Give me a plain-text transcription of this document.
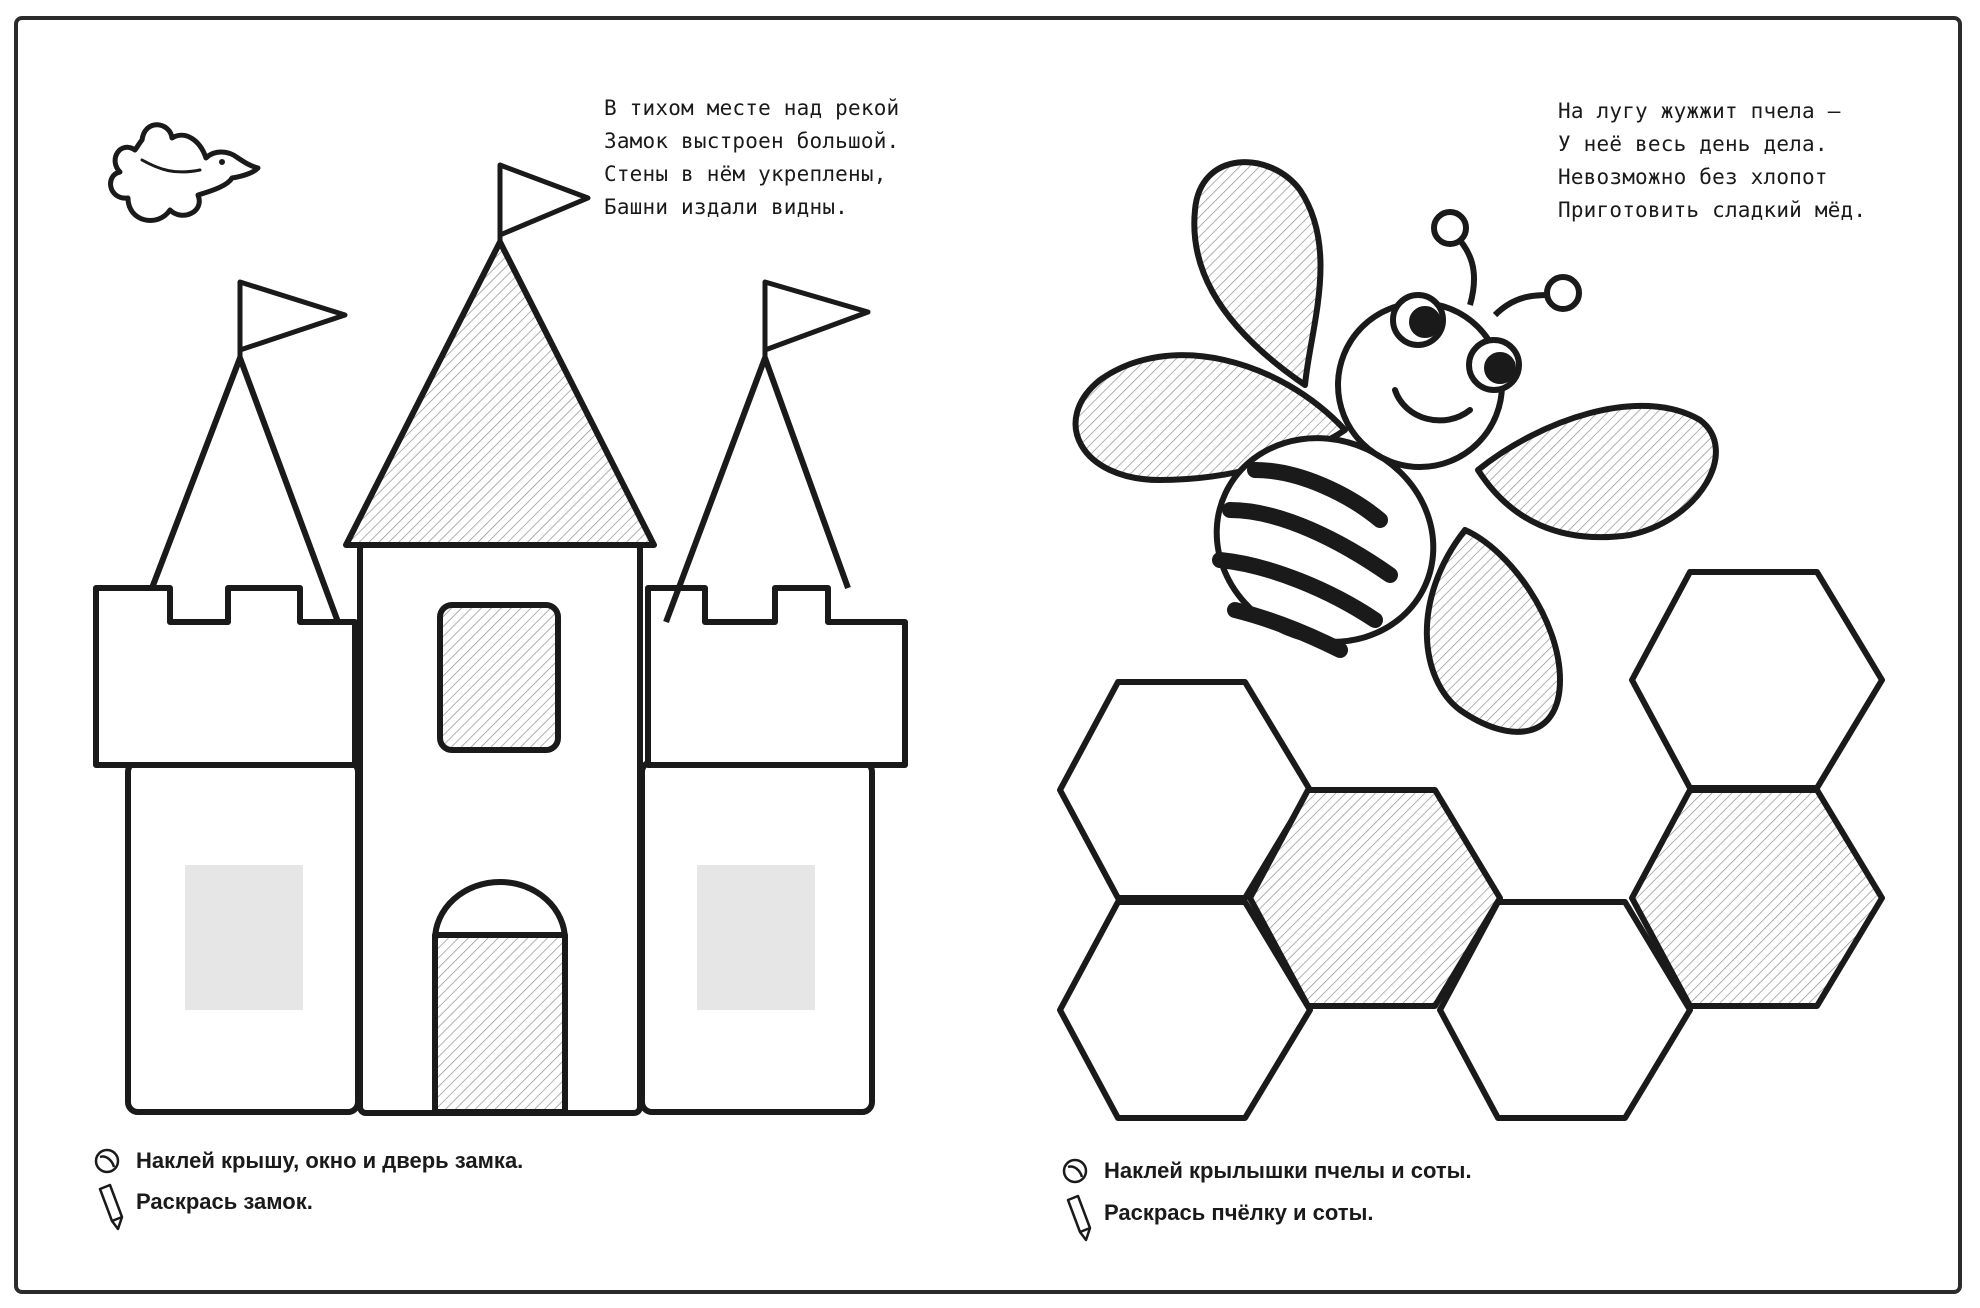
В тихом месте над рекой
Замок выстроен большой.
Стены в нём укреплены,
Башни издали видны.
На лугу жужжит пчела —
У неё весь день дела.
Невозможно без хлопот
Приготовить сладкий мёд.
Наклей крышу, окно и дверь замка.
Раскрась замок.
Наклей крылышки пчелы и соты.
Раскрась пчёлку и соты.
